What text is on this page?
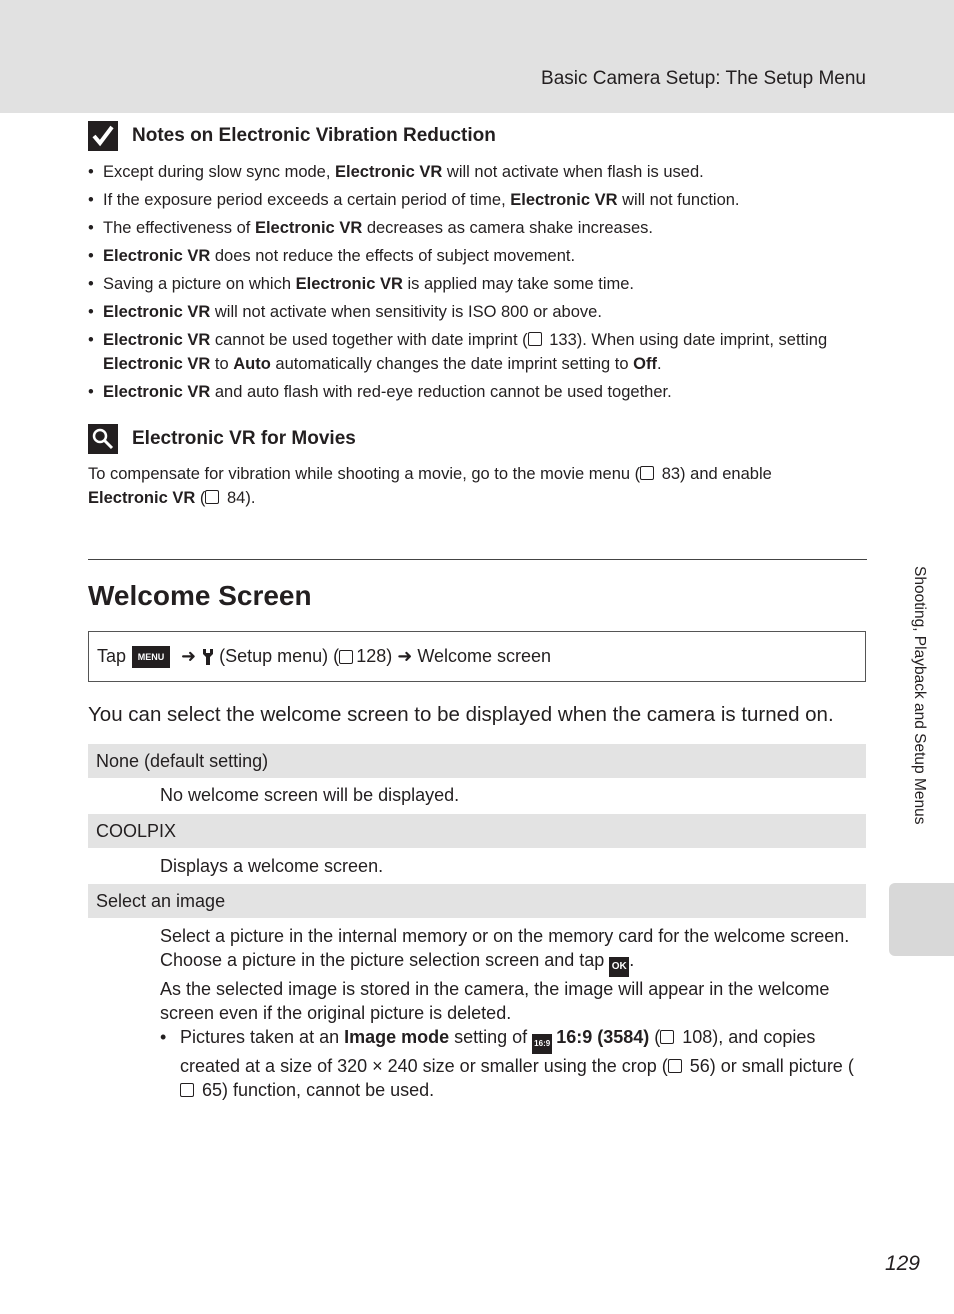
Basic Camera Setup: The Setup Menu
Notes on Electronic Vibration Reduction
• Except during slow sync mode, Electronic VR will not activate when flash is used.
• If the exposure period exceeds a certain period of time, Electronic VR will not function.
• The effectiveness of Electronic VR decreases as camera shake increases.
• Electronic VR does not reduce the effects of subject movement.
• Saving a picture on which Electronic VR is applied may take some time.
• Electronic VR will not activate when sensitivity is ISO 800 or above.
• Electronic VR cannot be used together with date imprint ( 133). When using date imprint, setting Electronic VR to Auto automatically changes the date imprint setting to Off.
• Electronic VR and auto flash with red-eye reduction cannot be used together.
Electronic VR for Movies
To compensate for vibration while shooting a movie, go to the movie menu ( 83) and enable
Electronic VR ( 84).
Welcome Screen
Tap	MENU ➜ (Setup menu) ( 128) ➜ Welcome screen
You can select the welcome screen to be displayed when the camera is turned on.
None (default setting)
No welcome screen will be displayed.
COOLPIX
Displays a welcome screen.
Select an image
Select a picture in the internal memory or on the memory card for the welcome screen. Choose a picture in the picture selection screen and tap OK .
As the selected image is stored in the camera, the image will appear in the welcome screen even if the original picture is deleted.
• Pictures taken at an Image mode setting of 16:9 16:9 (3584) ( 108), and copies created at a size of 320 × 240 size or smaller using the crop ( 56) or small picture ( 65) function, cannot be used.
Shooting, Playback and Setup Menus
129
